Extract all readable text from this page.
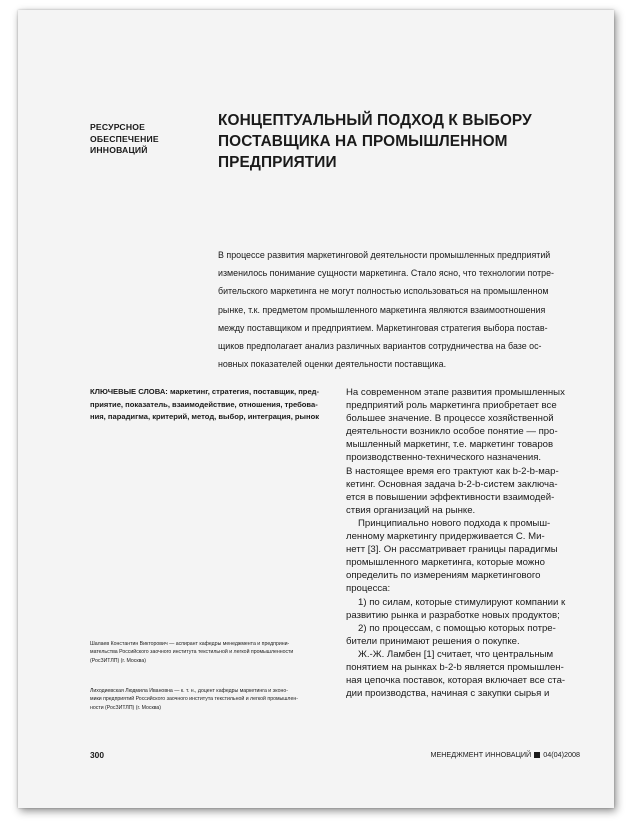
РЕСУРСНОЕ
ОБЕСПЕЧЕНИЕ
ИННОВАЦИЙ
КОНЦЕПТУАЛЬНЫЙ ПОДХОД К ВЫБОРУ
ПОСТАВЩИКА НА ПРОМЫШЛЕННОМ
ПРЕДПРИЯТИИ
В процессе развития маркетинговой деятельности промышленных предприятий
изменилось понимание сущности маркетинга. Стало ясно, что технологии потре-
бительского маркетинга не могут полностью использоваться на промышленном
рынке, т.к. предметом промышленного маркетинга являются взаимоотношения
между поставщиком и предприятием. Маркетинговая стратегия выбора постав-
щиков предполагает анализ различных вариантов сотрудничества на базе ос-
новных показателей оценки деятельности поставщика.
КЛЮЧЕВЫЕ СЛОВА: маркетинг, стратегия, поставщик, пред-
приятие, показатель, взаимодействие, отношения, требова-
ния, парадигма, критерий, метод, выбор, интеграция, рынок
На современном этапе развития промышленных
предприятий роль маркетинга приобретает все
большее значение. В процессе хозяйственной
деятельности возникло особое понятие — про-
мышленный маркетинг, т.е. маркетинг товаров
производственно-технического назначения.
В настоящее время его трактуют как b-2-b-мар-
кетинг. Основная задача b-2-b-систем заключа-
ется в повышении эффективности взаимодей-
ствия организаций на рынке.
Принципиально нового подхода к промыш-
ленному маркетингу придерживается С. Ми-
нетт [3]. Он рассматривает границы парадигмы
промышленного маркетинга, которые можно
определить по измерениям маркетингового
процесса:
1) по силам, которые стимулируют компании к
развитию рынка и разработке новых продуктов;
2) по процессам, с помощью которых потре-
бители принимают решения о покупке.
Ж.-Ж. Ламбен [1] считает, что центральным
понятием на рынках b-2-b является промышлен-
ная цепочка поставок, которая включает все ста-
дии производства, начиная с закупки сырья и
Шалаев Константин Викторович — аспирант кафедры менеджмента и предприни-
мательства Российского заочного института текстильной и легкой промышленности
(РосЗИТЛП) (г. Москва)
Лиходиевская Людмила Ивановна — к. т. н., доцент кафедры маркетинга и эконо-
мики предприятий Российского заочного института текстильной и легкой промышлен-
ности (РосЗИТЛП) (г. Москва)
300	МЕНЕДЖМЕНТ ИННОВАЦИЙ 04(04)2008
